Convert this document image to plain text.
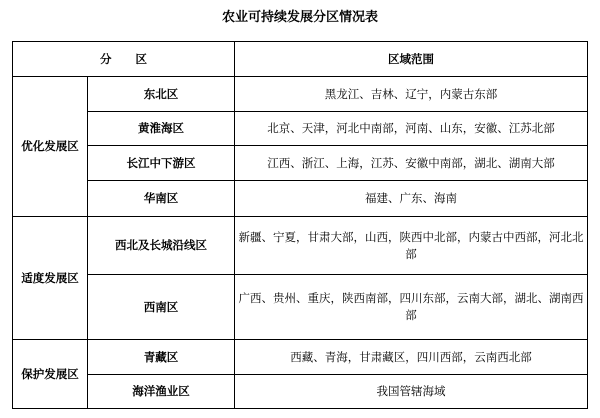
农业可持续发展分区情况表
分      区		区域范围
优化发展区	东北区	黑龙江、吉林、辽宁，内蒙古东部
	黄淮海区	北京、天津，河北中南部，河南、山东，安徽、江苏北部
	长江中下游区	江西、浙江、上海，江苏、安徽中南部，湖北、湖南大部
	华南区	福建、广东、海南
适度发展区	西北及长城沿线区	新疆、宁夏，甘肃大部，山西，陕西中北部，内蒙古中西部，河北北部
	西南区	广西、贵州、重庆，陕西南部，四川东部，云南大部，湖北、湖南西部
保护发展区	青藏区	西藏、青海，甘肃藏区，四川西部，云南西北部
	海洋渔业区	我国管辖海域
